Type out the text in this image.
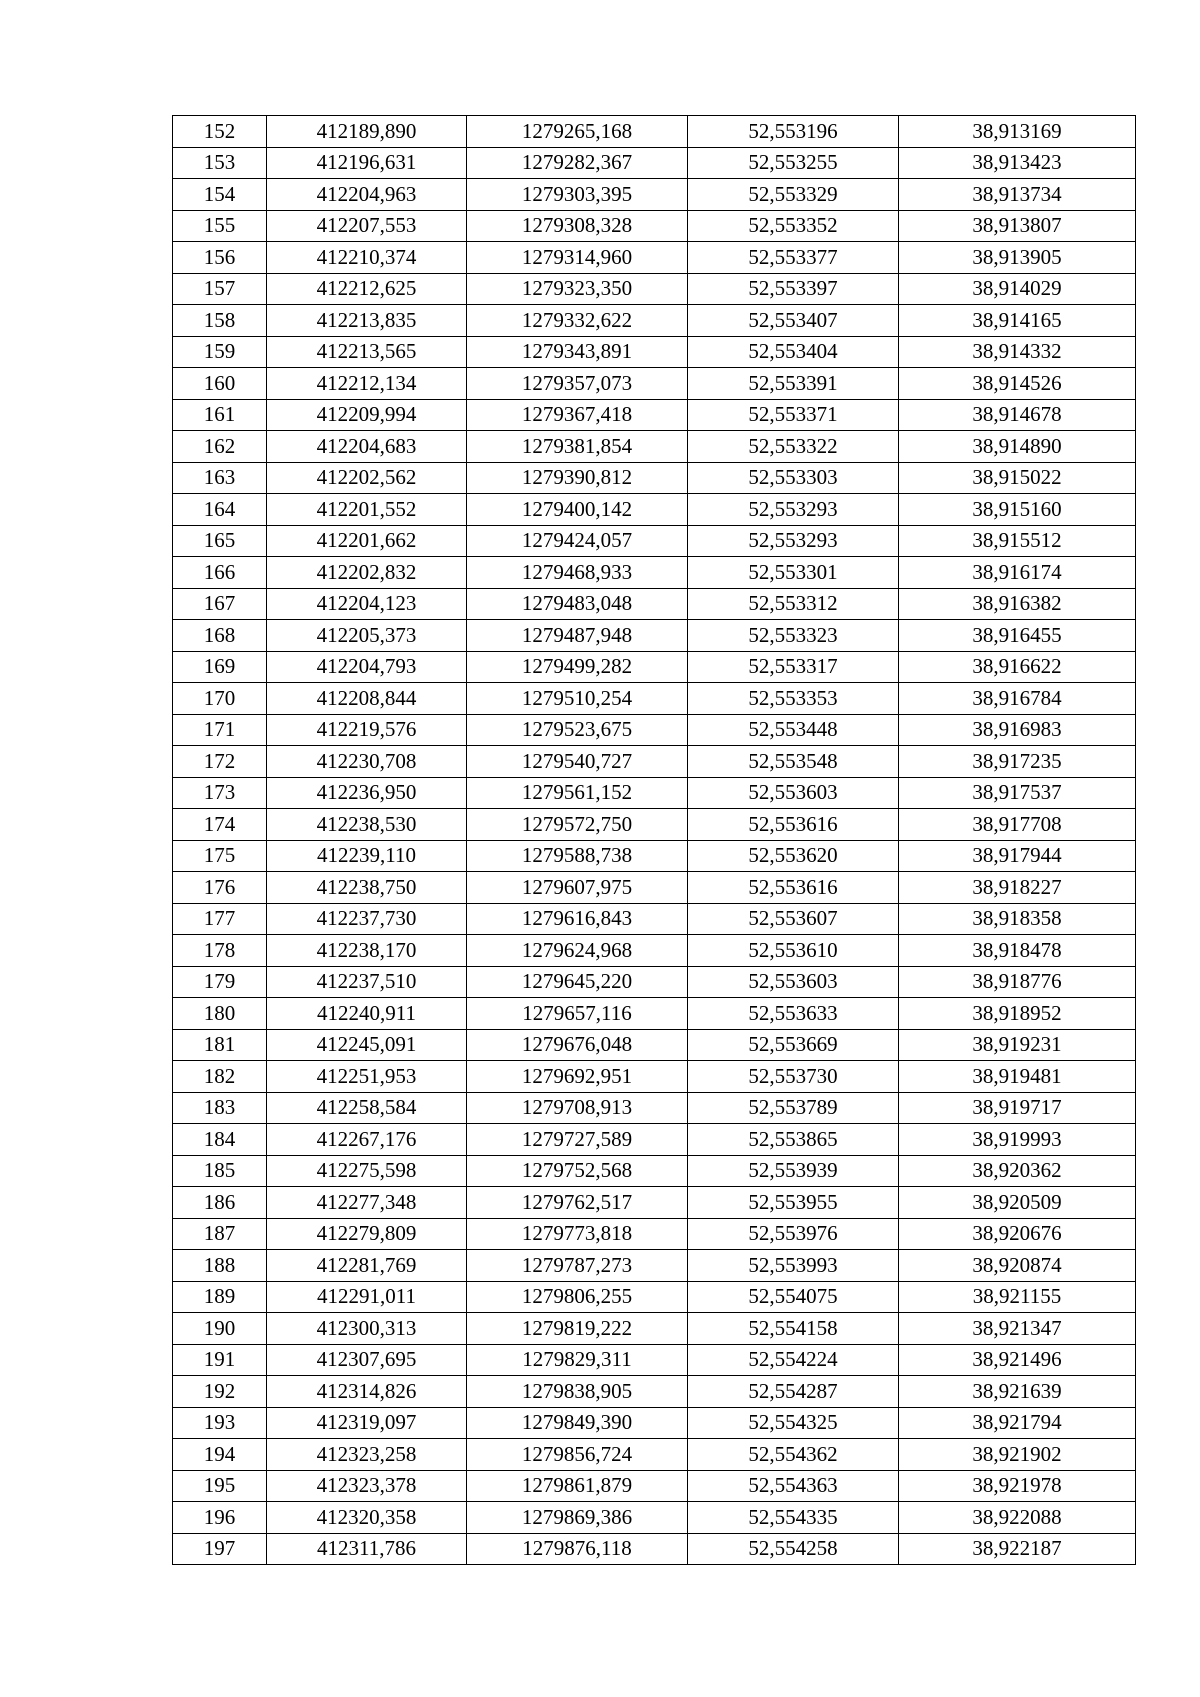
152	412189,890	1279265,168	52,553196	38,913169
153	412196,631	1279282,367	52,553255	38,913423
154	412204,963	1279303,395	52,553329	38,913734
155	412207,553	1279308,328	52,553352	38,913807
156	412210,374	1279314,960	52,553377	38,913905
157	412212,625	1279323,350	52,553397	38,914029
158	412213,835	1279332,622	52,553407	38,914165
159	412213,565	1279343,891	52,553404	38,914332
160	412212,134	1279357,073	52,553391	38,914526
161	412209,994	1279367,418	52,553371	38,914678
162	412204,683	1279381,854	52,553322	38,914890
163	412202,562	1279390,812	52,553303	38,915022
164	412201,552	1279400,142	52,553293	38,915160
165	412201,662	1279424,057	52,553293	38,915512
166	412202,832	1279468,933	52,553301	38,916174
167	412204,123	1279483,048	52,553312	38,916382
168	412205,373	1279487,948	52,553323	38,916455
169	412204,793	1279499,282	52,553317	38,916622
170	412208,844	1279510,254	52,553353	38,916784
171	412219,576	1279523,675	52,553448	38,916983
172	412230,708	1279540,727	52,553548	38,917235
173	412236,950	1279561,152	52,553603	38,917537
174	412238,530	1279572,750	52,553616	38,917708
175	412239,110	1279588,738	52,553620	38,917944
176	412238,750	1279607,975	52,553616	38,918227
177	412237,730	1279616,843	52,553607	38,918358
178	412238,170	1279624,968	52,553610	38,918478
179	412237,510	1279645,220	52,553603	38,918776
180	412240,911	1279657,116	52,553633	38,918952
181	412245,091	1279676,048	52,553669	38,919231
182	412251,953	1279692,951	52,553730	38,919481
183	412258,584	1279708,913	52,553789	38,919717
184	412267,176	1279727,589	52,553865	38,919993
185	412275,598	1279752,568	52,553939	38,920362
186	412277,348	1279762,517	52,553955	38,920509
187	412279,809	1279773,818	52,553976	38,920676
188	412281,769	1279787,273	52,553993	38,920874
189	412291,011	1279806,255	52,554075	38,921155
190	412300,313	1279819,222	52,554158	38,921347
191	412307,695	1279829,311	52,554224	38,921496
192	412314,826	1279838,905	52,554287	38,921639
193	412319,097	1279849,390	52,554325	38,921794
194	412323,258	1279856,724	52,554362	38,921902
195	412323,378	1279861,879	52,554363	38,921978
196	412320,358	1279869,386	52,554335	38,922088
197	412311,786	1279876,118	52,554258	38,922187
